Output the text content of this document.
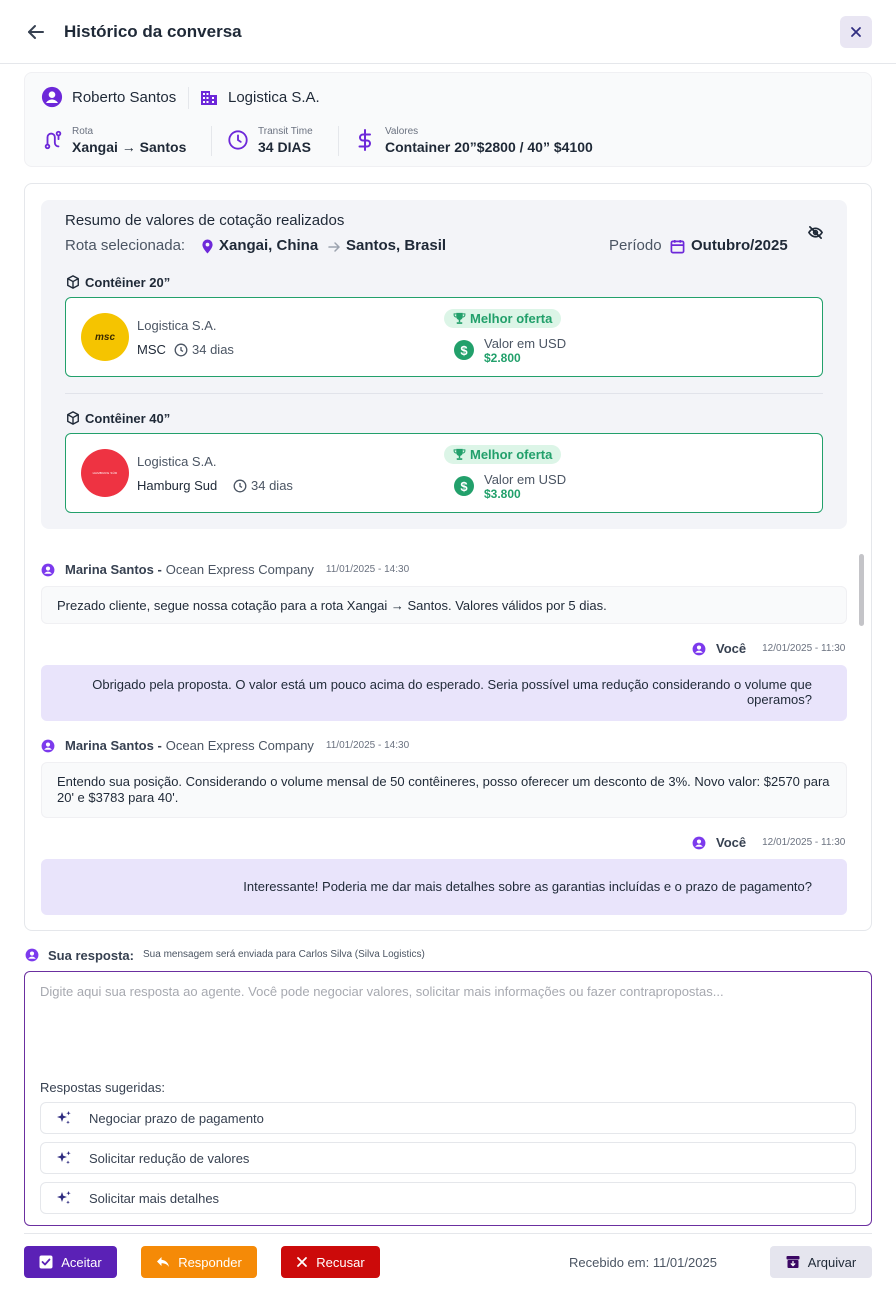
Histórico da conversa
Roberto Santos	Logistica S.A.
Rota
Xangai → Santos
Transit Time
34 DIAS
Valores
Container 20”$2800 / 40” $4100
Resumo de valores de cotação realizados
Rota selecionada: Xangai, China Santos, Brasil	Período Outubro/2025
Contêiner 20”
msc
Logistica S.A.
MSC 34 dias
Melhor oferta
$	Valor em USD
$2.800
Contêiner 40”
HAMBURG SÜD
Logistica S.A.
Hamburg Sud	34 dias
Melhor oferta
$	Valor em USD
$3.800
Marina Santos - Ocean Express Company 11/01/2025 - 14:30
Prezado cliente, segue nossa cotação para a rota Xangai → Santos. Valores válidos por 5 dias.
Você 12/01/2025 - 11:30
Obrigado pela proposta. O valor está um pouco acima do esperado. Seria possível uma redução considerando o volume que operamos?
Marina Santos - Ocean Express Company 11/01/2025 - 14:30
Entendo sua posição. Considerando o volume mensal de 50 contêineres, posso oferecer um desconto de 3%. Novo valor: $2570 para 20' e $3783 para 40'.
Você 12/01/2025 - 11:30
Interessante! Poderia me dar mais detalhes sobre as garantias incluídas e o prazo de pagamento?
Sua resposta: Sua mensagem será enviada para Carlos Silva (Silva Logistics)
Digite aqui sua resposta ao agente. Você pode negociar valores, solicitar mais informações ou fazer contrapropostas...
Respostas sugeridas:
Negociar prazo de pagamento
Solicitar redução de valores
Solicitar mais detalhes
Aceitar	Responder	Recusar	Recebido em: 11/01/2025	Arquivar
